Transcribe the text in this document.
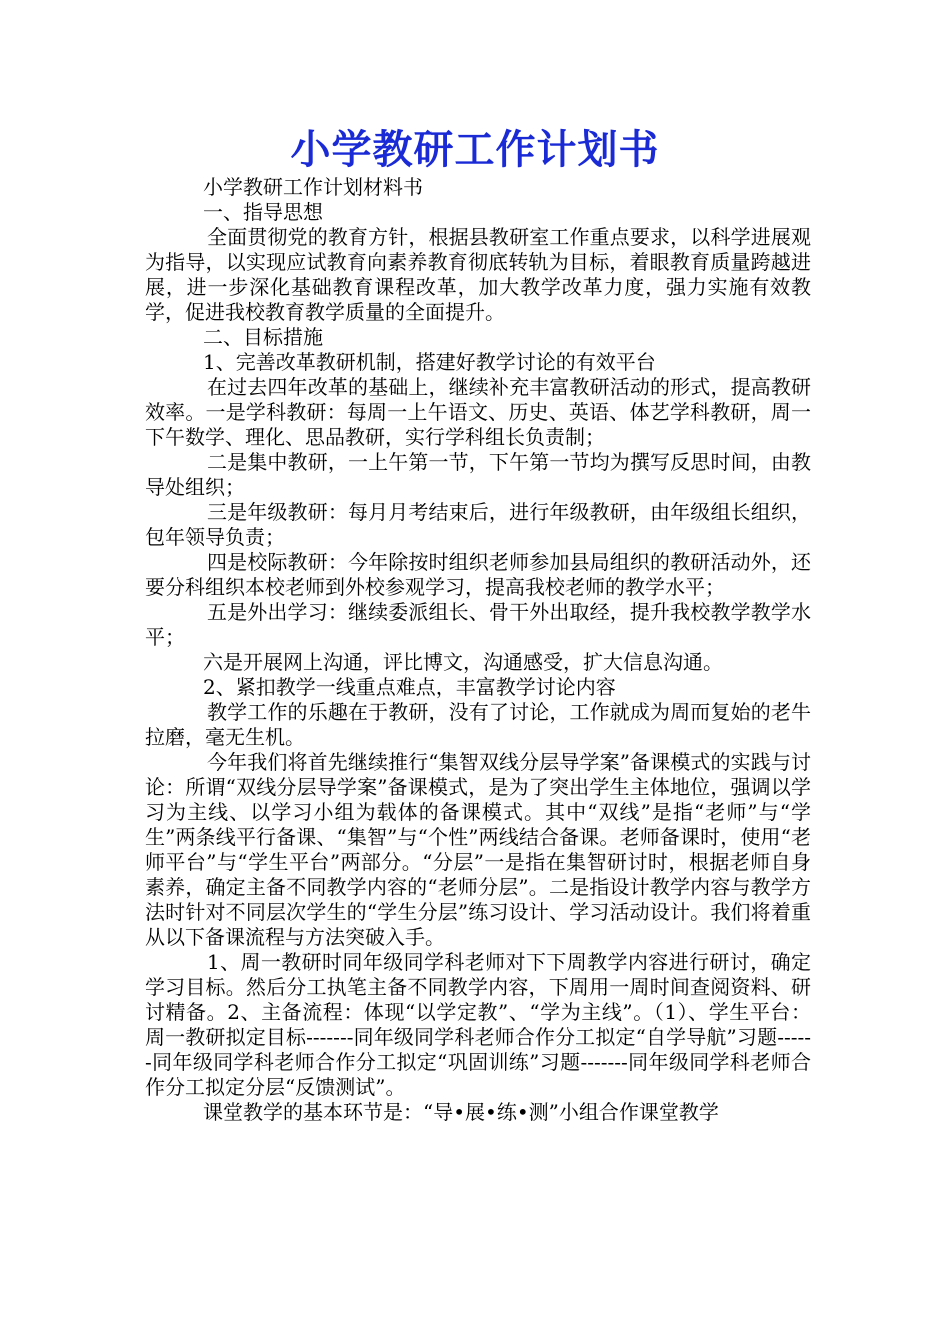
小学教研工作计划书

小学教研工作计划材料书

一、指导思想

全面贯彻党的教育方针，根据县教研室工作重点要求，以科学进展观为指导，以实现应试教育向素养教育彻底转轨为目标，着眼教育质量跨越进展，进一步深化基础教育课程改革，加大教学改革力度，强力实施有效教学，促进我校教育教学质量的全面提升。

二、目标措施

1、完善改革教研机制，搭建好教学讨论的有效平台

在过去四年改革的基础上，继续补充丰富教研活动的形式，提高教研效率。一是学科教研：每周一上午语文、历史、英语、体艺学科教研，周一下午数学、理化、思品教研，实行学科组长负责制；

二是集中教研，一上午第一节，下午第一节均为撰写反思时间，由教导处组织；

三是年级教研：每月月考结束后，进行年级教研，由年级组长组织，包年领导负责；

四是校际教研：今年除按时组织老师参加县局组织的教研活动外，还要分科组织本校老师到外校参观学习，提高我校老师的教学水平；

五是外出学习：继续委派组长、骨干外出取经，提升我校教学教学水平；

六是开展网上沟通，评比博文，沟通感受，扩大信息沟通。

2、紧扣教学一线重点难点，丰富教学讨论内容

教学工作的乐趣在于教研，没有了讨论，工作就成为周而复始的老牛拉磨，毫无生机。

今年我们将首先继续推行“集智双线分层导学案”备课模式的实践与讨论：所谓“双线分层导学案”备课模式，是为了突出学生主体地位，强调以学习为主线、以学习小组为载体的备课模式。其中“双线”是指“老师”与“学生”两条线平行备课、“集智”与“个性”两线结合备课。老师备课时，使用“老师平台”与“学生平台”两部分。“分层”一是指在集智研讨时，根据老师自身素养，确定主备不同教学内容的“老师分层”。二是指设计教学内容与教学方法时针对不同层次学生的“学生分层”练习设计、学习活动设计。我们将着重从以下备课流程与方法突破入手。

1、周一教研时同年级同学科老师对下下周教学内容进行研讨，确定学习目标。然后分工执笔主备不同教学内容，下周用一周时间查阅资料、研讨精备。2、主备流程：体现“以学定教”、“学为主线”。（1）、学生平台：周一教研拟定目标-------同年级同学科老师合作分工拟定“自学导航”习题------同年级同学科老师合作分工拟定“巩固训练”习题-------同年级同学科老师合作分工拟定分层“反馈测试”。

课堂教学的基本环节是：“导•展•练•测”小组合作课堂教学
